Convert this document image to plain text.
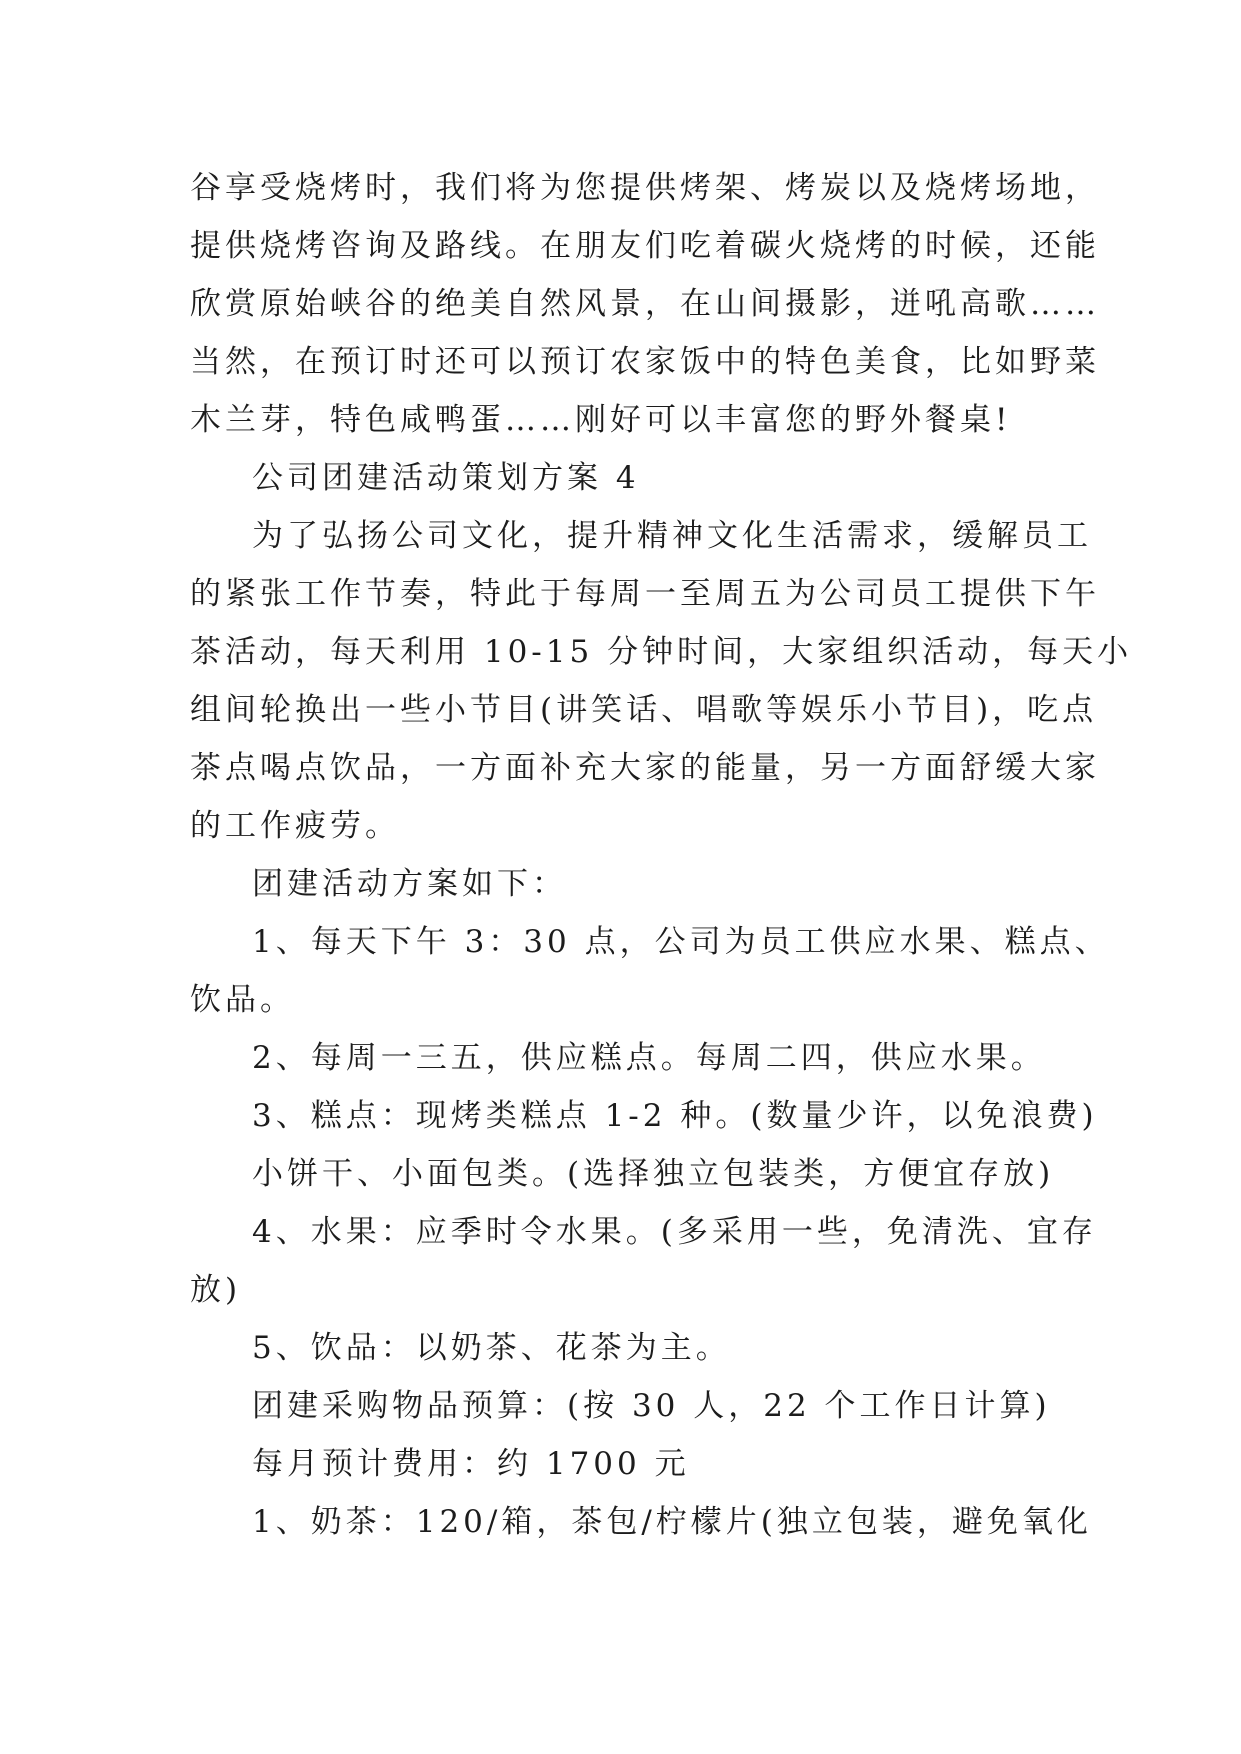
谷享受烧烤时，我们将为您提供烤架、烤炭以及烧烤场地，
提供烧烤咨询及路线。在朋友们吃着碳火烧烤的时候，还能
欣赏原始峡谷的绝美自然风景，在山间摄影，迸吼高歌……
当然，在预订时还可以预订农家饭中的特色美食，比如野菜
木兰芽，特色咸鸭蛋……刚好可以丰富您的野外餐桌!
公司团建活动策划方案 4
为了弘扬公司文化，提升精神文化生活需求，缓解员工
的紧张工作节奏，特此于每周一至周五为公司员工提供下午
茶活动，每天利用 10-15 分钟时间，大家组织活动，每天小
组间轮换出一些小节目(讲笑话、唱歌等娱乐小节目)，吃点
茶点喝点饮品，一方面补充大家的能量，另一方面舒缓大家
的工作疲劳。
团建活动方案如下：
1、每天下午 3：30 点，公司为员工供应水果、糕点、
饮品。
2、每周一三五，供应糕点。每周二四，供应水果。
3、糕点：现烤类糕点 1-2 种。(数量少许，以免浪费)
小饼干、小面包类。(选择独立包装类，方便宜存放)
4、水果：应季时令水果。(多采用一些，免清洗、宜存
放)
5、饮品：以奶茶、花茶为主。
团建采购物品预算：(按 30 人，22 个工作日计算)
每月预计费用：约 1700 元
1、奶茶：120/箱，茶包/柠檬片(独立包装，避免氧化
